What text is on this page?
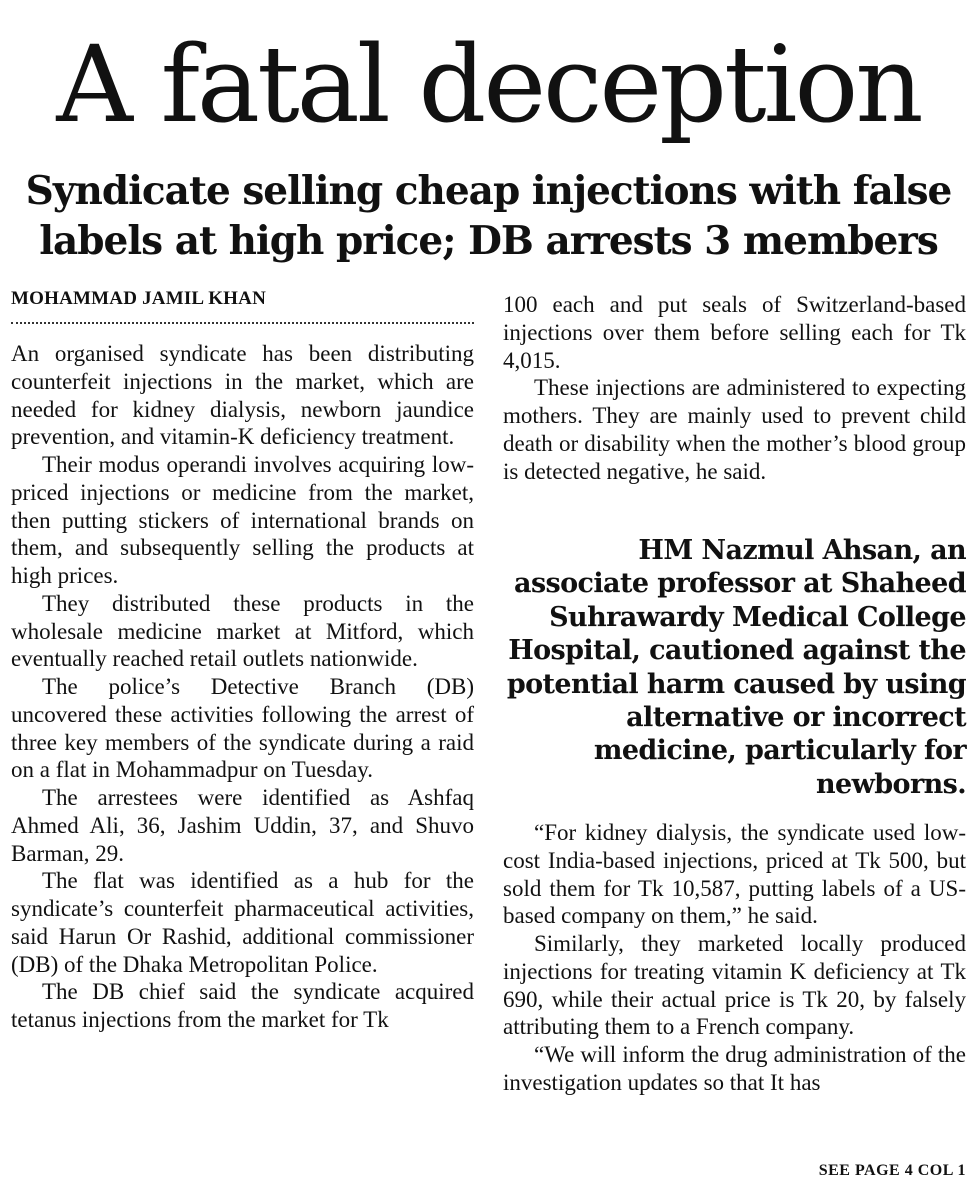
A fatal deception
Syndicate selling cheap injections with false labels at high price; DB arrests 3 members
MOHAMMAD JAMIL KHAN

An organised syndicate has been distributing counterfeit injections in the market, which are needed for kidney dialysis, newborn jaundice prevention, and vitamin-K deficiency treatment.

Their modus operandi involves acquiring low-priced injections or medicine from the market, then putting stickers of international brands on them, and subsequently selling the products at high prices.

They distributed these products in the wholesale medicine market at Mitford, which eventually reached retail outlets nationwide.

The police’s Detective Branch (DB) uncovered these activities following the arrest of three key members of the syndicate during a raid on a flat in Mohammadpur on Tuesday.

The arrestees were identified as Ashfaq Ahmed Ali, 36, Jashim Uddin, 37, and Shuvo Barman, 29.

The flat was identified as a hub for the syndicate’s counterfeit pharmaceutical activities, said Harun Or Rashid, additional commissioner (DB) of the Dhaka Metropolitan Police.

The DB chief said the syndicate acquired tetanus injections from the market for Tk

100 each and put seals of Switzerland-based injections over them before selling each for Tk 4,015.

These injections are administered to expecting mothers. They are mainly used to prevent child death or disability when the mother’s blood group is detected negative, he said.

HM Nazmul Ahsan, an associate professor at Shaheed Suhrawardy Medical College Hospital, cautioned against the potential harm caused by using alternative or incorrect medicine, particularly for newborns.

“For kidney dialysis, the syndicate used low-cost India-based injections, priced at Tk 500, but sold them for Tk 10,587, putting labels of a US-based company on them,” he said.

Similarly, they marketed locally produced injections for treating vitamin K deficiency at Tk 690, while their actual price is Tk 20, by falsely attributing them to a French company.

“We will inform the drug administration of the investigation updates so that It has

SEE PAGE 4 COL 1
